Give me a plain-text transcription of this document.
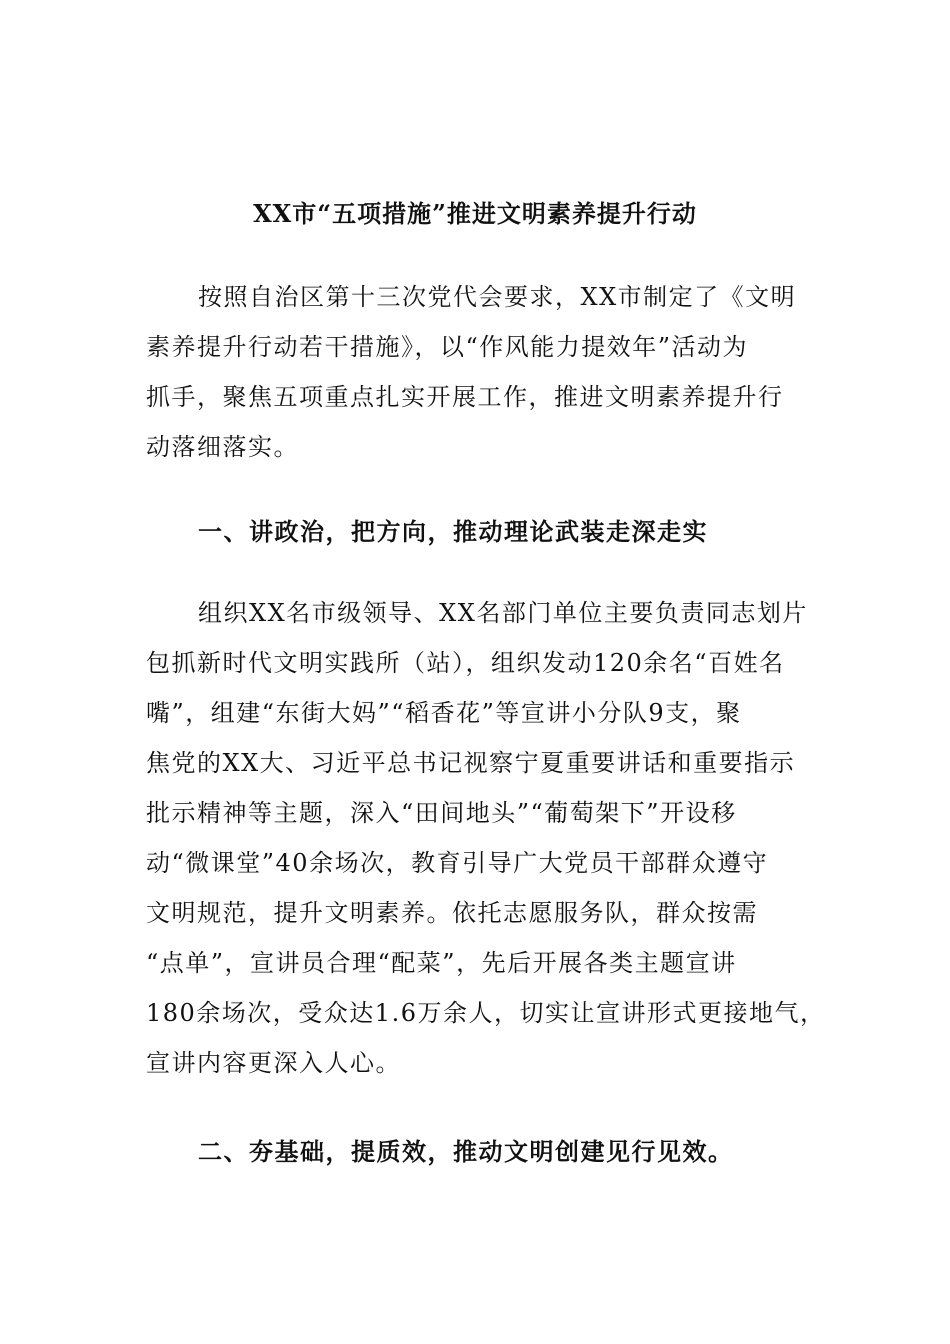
XX市“五项措施”推进文明素养提升行动
按照自治区第十三次党代会要求，XX市制定了《文明
素养提升行动若干措施》，以“作风能力提效年”活动为
抓手，聚焦五项重点扎实开展工作，推进文明素养提升行
动落细落实。
一、讲政治，把方向，推动理论武装走深走实
组织XX名市级领导、XX名部门单位主要负责同志划片
包抓新时代文明实践所（站），组织发动120余名“百姓名
嘴”，组建“东街大妈”“稻香花”等宣讲小分队9支，聚
焦党的XX大、习近平总书记视察宁夏重要讲话和重要指示
批示精神等主题，深入“田间地头”“葡萄架下”开设移
动“微课堂”40余场次，教育引导广大党员干部群众遵守
文明规范，提升文明素养。依托志愿服务队，群众按需
“点单”，宣讲员合理“配菜”，先后开展各类主题宣讲
180余场次，受众达1.6万余人，切实让宣讲形式更接地气，
宣讲内容更深入人心。
二、夯基础，提质效，推动文明创建见行见效。
